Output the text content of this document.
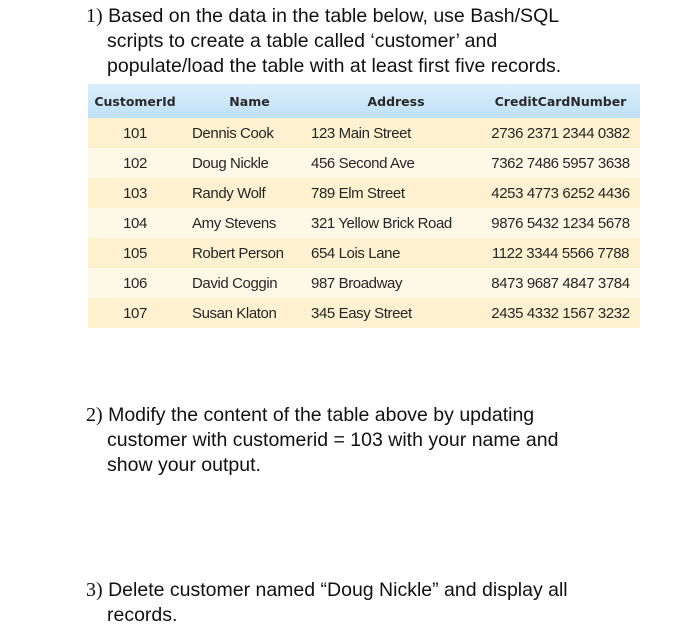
1) Based on the data in the table below, use Bash/SQL
scripts to create a table called ‘customer’ and
populate/load the table with at least first five records.
CustomerId	Name	Address	CreditCardNumber
101	Dennis Cook	123 Main Street	2736 2371 2344 0382
102	Doug Nickle	456 Second Ave	7362 7486 5957 3638
103	Randy Wolf	789 Elm Street	4253 4773 6252 4436
104	Amy Stevens	321 Yellow Brick Road	9876 5432 1234 5678
105	Robert Person	654 Lois Lane	1122 3344 5566 7788
106	David Coggin	987 Broadway	8473 9687 4847 3784
107	Susan Klaton	345 Easy Street	2435 4332 1567 3232
2) Modify the content of the table above by updating
customer with customerid = 103 with your name and
show your output.
3) Delete customer named “Doug Nickle” and display all
records.
